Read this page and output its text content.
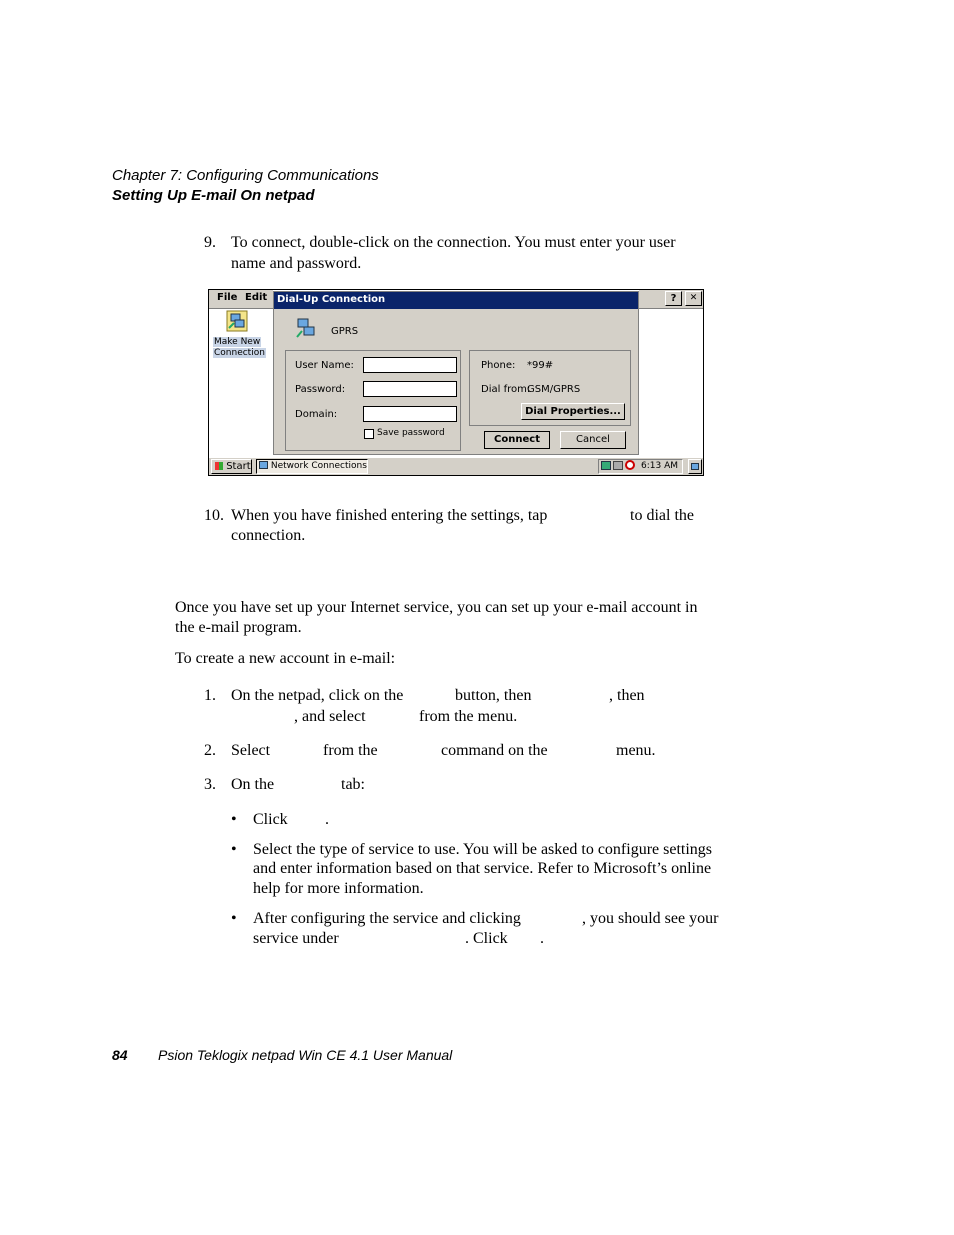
Chapter 7: Configuring Communications
Setting Up E-mail On netpad
9. To connect, double-click on the connection. You must enter your user
name and password.
File Edit
Make New
Connection
?	✕
Dial-Up Connection
GPRS
User Name:
Password:
Domain:
Save password
Phone: *99#
Dial from:
GSM/GPRS
Dial Properties...
Connect	Cancel
Start	Network Connections	6:13 AM
10. When you have finished entering the settings, tap	to dial the
connection.
Once you have set up your Internet service, you can set up your e-mail account in
the e-mail program.
To create a new account in e-mail:
1. On the netpad, click on the	button, then	, then
, and select	from the menu.
2. Select	from the	command on the	menu.
3. On the	tab:
• Click .
• Select the type of service to use. You will be asked to configure settings
and enter information based on that service. Refer to Microsoft’s online
help for more information.
• After configuring the service and clicking	, you should see your
service under	. Click .
84 Psion Teklogix netpad Win CE 4.1 User Manual
